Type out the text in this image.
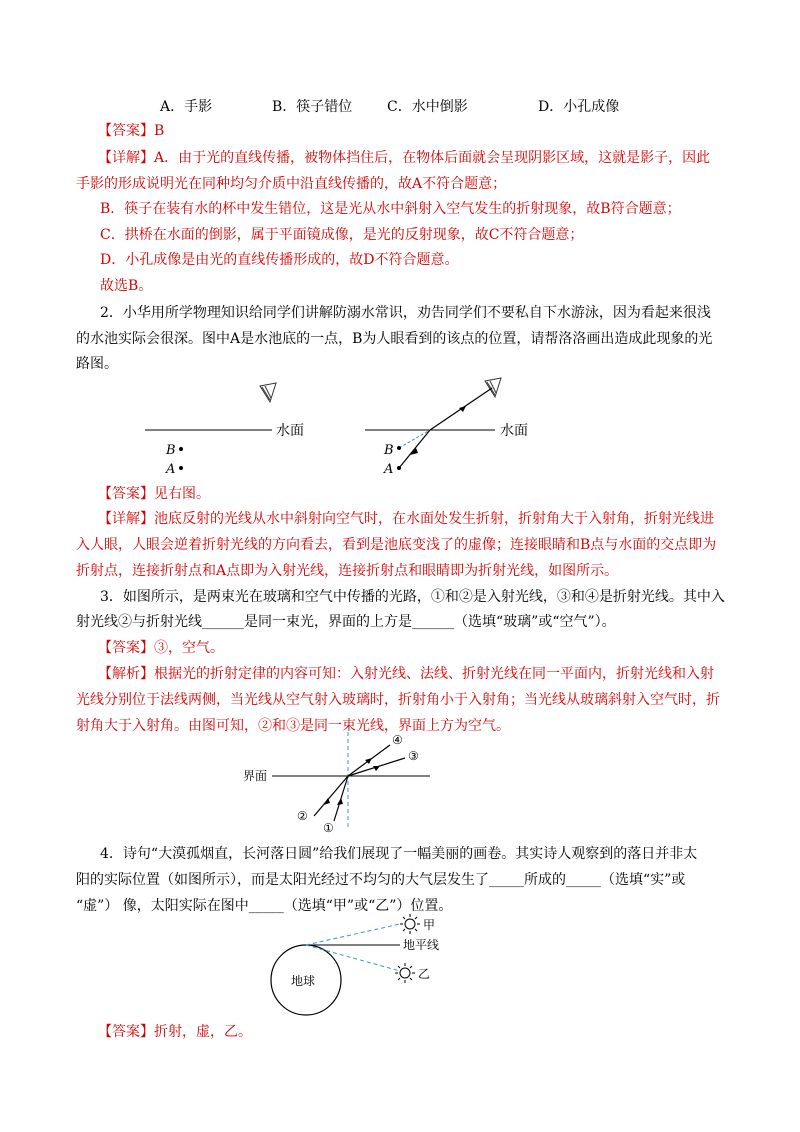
A．手影	B．筷子错位 C．水中倒影	D．小孔成像
【答案】B
【详解】A．由于光的直线传播，被物体挡住后，在物体后面就会呈现阴影区域，这就是影子，因此
手影的形成说明光在同种均匀介质中沿直线传播的，故A不符合题意；
B．筷子在装有水的杯中发生错位，这是光从水中斜射入空气发生的折射现象，故B符合题意；
C．拱桥在水面的倒影，属于平面镜成像，是光的反射现象，故C不符合题意；
D．小孔成像是由光的直线传播形成的，故D不符合题意。
故选B。
2．小华用所学物理知识给同学们讲解防溺水常识，劝告同学们不要私自下水游泳，因为看起来很浅
的水池实际会很深。图中A是水池底的一点，B为人眼看到的该点的位置，请帮洛洛画出造成此现象的光
路图。
水面
B
A
水面
B
A
【答案】见右图。
【详解】池底反射的光线从水中斜射向空气时，在水面处发生折射，折射角大于入射角，折射光线进
入人眼，人眼会逆着折射光线的方向看去，看到是池底变浅了的虚像；连接眼睛和B点与水面的交点即为
折射点，连接折射点和A点即为入射光线，连接折射点和眼睛即为折射光线，如图所示。
3．如图所示，是两束光在玻璃和空气中传播的光路，①和②是入射光线，③和④是折射光线。其中入
射光线②与折射光线______是同一束光，界面的上方是______（选填“玻璃”或“空气”）。
【答案】③，空气。
【解析】根据光的折射定律的内容可知：入射光线、法线、折射光线在同一平面内，折射光线和入射
光线分别位于法线两侧，当光线从空气射入玻璃时，折射角小于入射角；当光线从玻璃斜射入空气时，折
射角大于入射角。由图可知，②和③是同一束光线，界面上方为空气。
界面
④
③
②
①
4．诗句“大漠孤烟直，长河落日圆”给我们展现了一幅美丽的画卷。其实诗人观察到的落日并非太
阳的实际位置（如图所示），而是太阳光经过不均匀的大气层发生了_____所成的_____（选填“实”或
“虚”） 像，太阳实际在图中_____（选填“甲”或“乙”）位置。
地球
地平线
甲
乙
【答案】折射，虚，乙。
